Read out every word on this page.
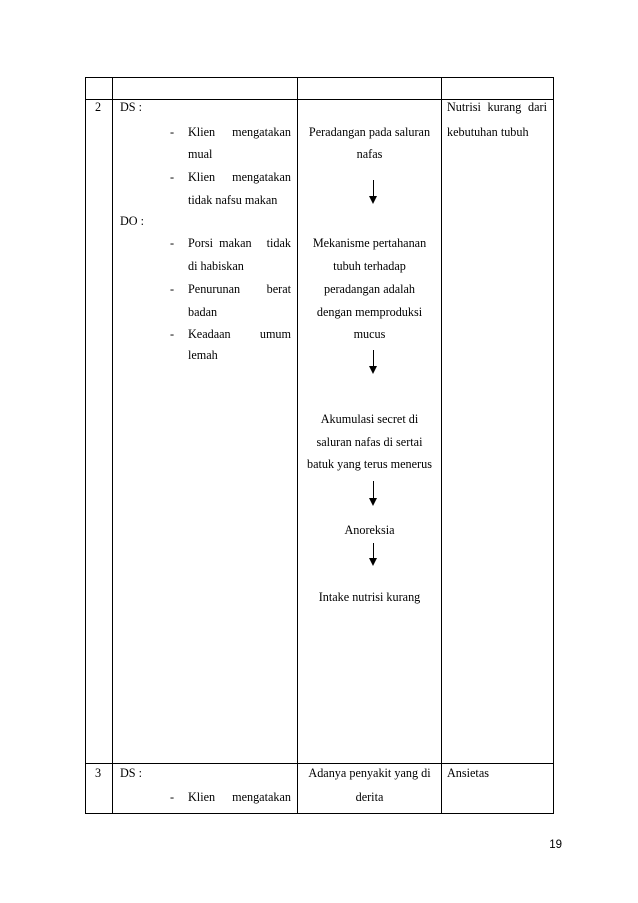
2 DS :
- Klien mengatakan
mual
- Klien mengatakan
tidak nafsu makan
DO :
- Porsi  makan tidak
di habiskan
- Penurunan berat
badan
- Keadaan umum
lemah
Peradangan pada saluran
nafas
Mekanisme pertahanan
tubuh terhadap
peradangan adalah
dengan memproduksi
mucus
Akumulasi secret di
saluran nafas di sertai
batuk yang terus menerus
Anoreksia
Intake nutrisi kurang
Nutrisi kurang dari
kebutuhan tubuh
3 DS :
- Klien mengatakan
Adanya penyakit yang di
derita
Ansietas
19
